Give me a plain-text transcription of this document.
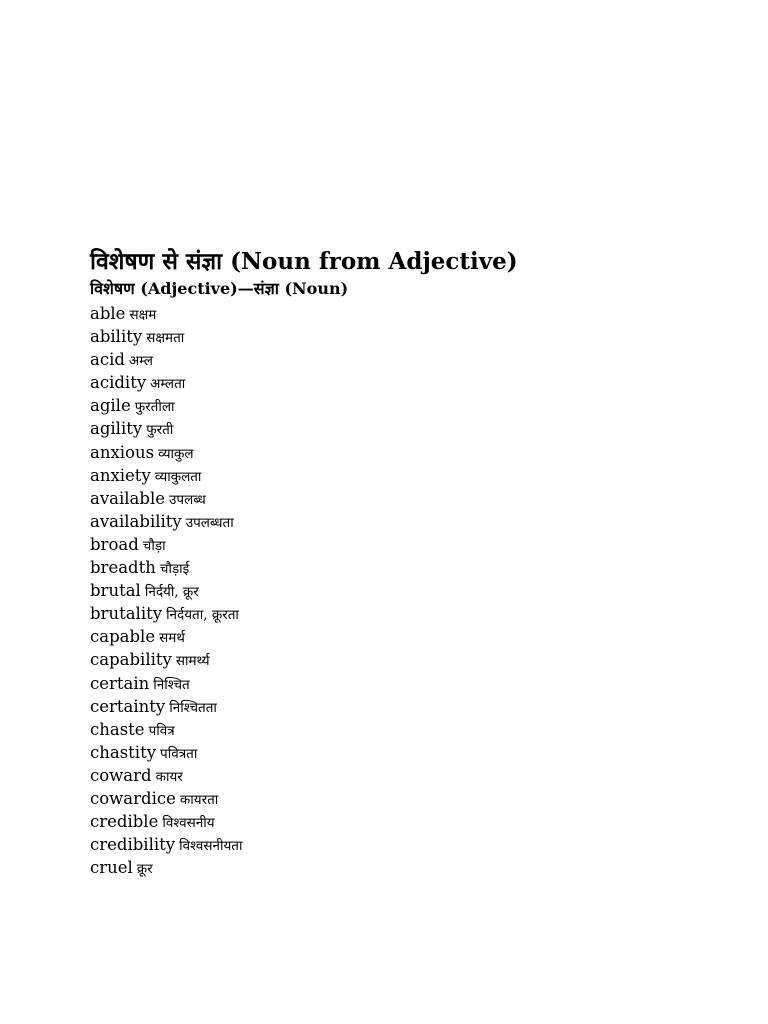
विशेषण से संज्ञा (Noun from Adjective)
विशेषण (Adjective)—संज्ञा (Noun)
able सक्षम
ability सक्षमता
acid अम्ल
acidity अम्लता
agile फुरतीला
agility फुरती
anxious व्याकुल
anxiety व्याकुलता
available उपलब्ध
availability उपलब्धता
broad चौड़ा
breadth चौड़ाई
brutal निर्दयी, क्रूर
brutality निर्दयता, क्रूरता
capable समर्थ
capability सामर्थ्य
certain निश्चित
certainty निश्चितता
chaste पवित्र
chastity पवित्रता
coward कायर
cowardice कायरता
credible विश्वसनीय
credibility विश्वसनीयता
cruel क्रूर
